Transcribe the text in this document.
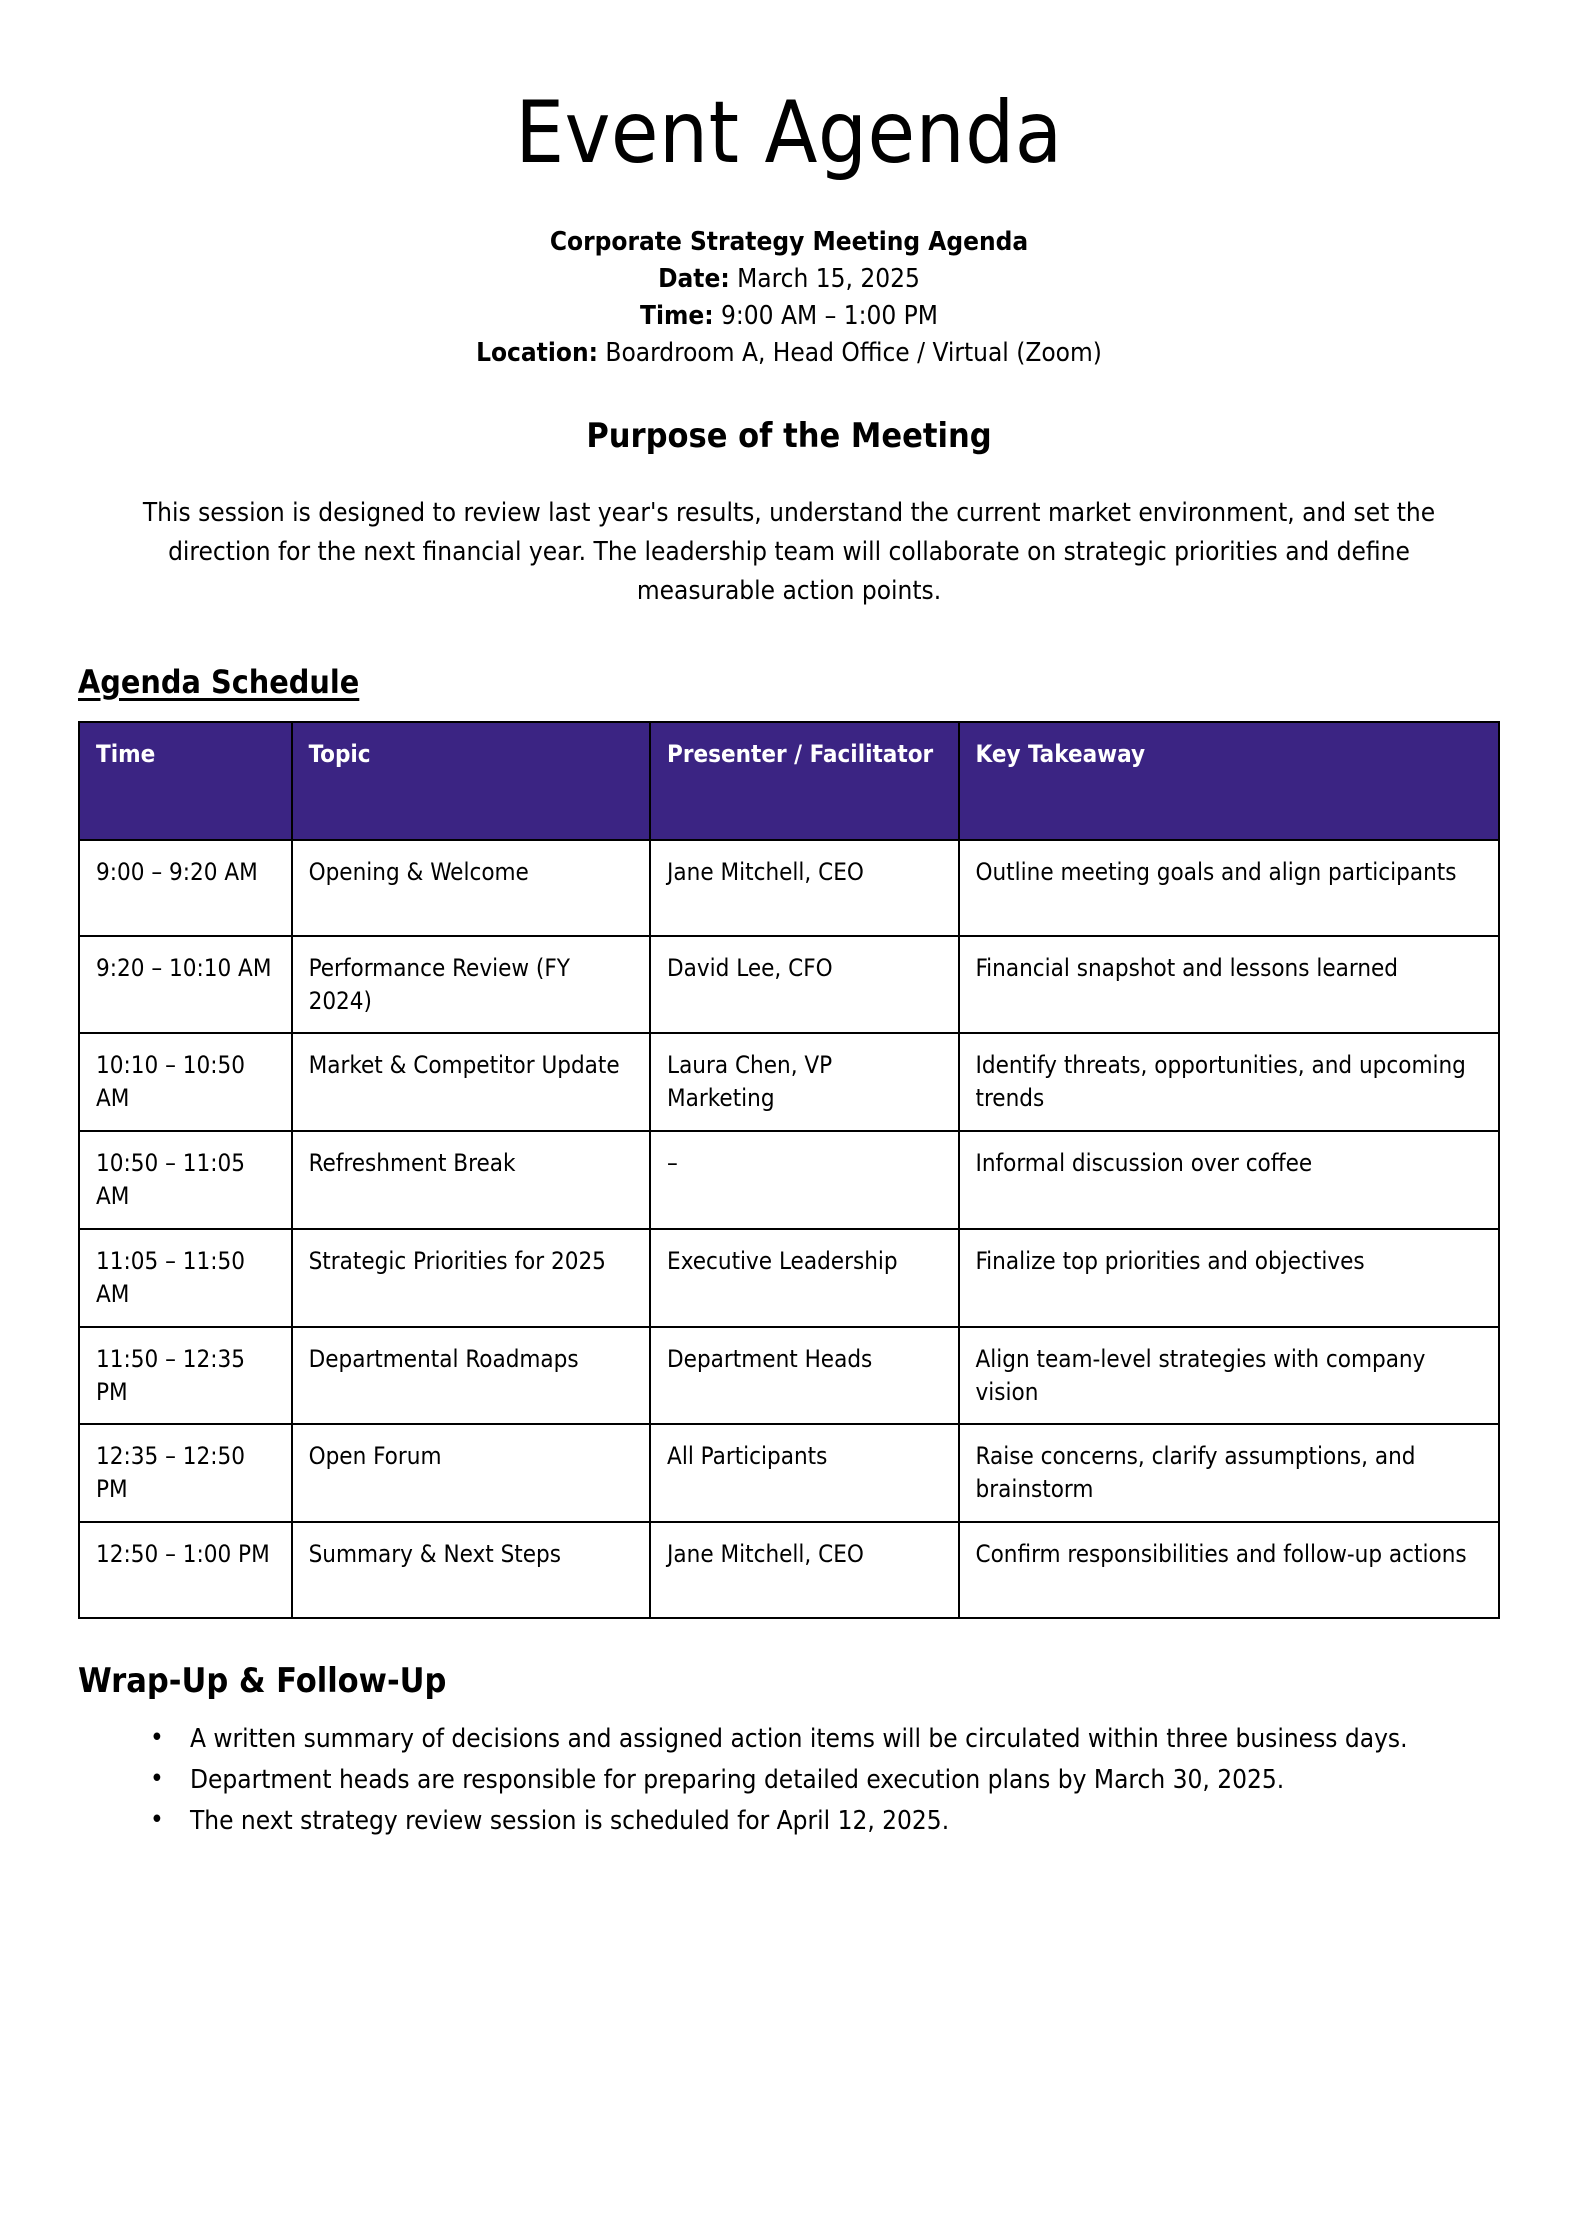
Event Agenda
Corporate Strategy Meeting Agenda
Date: March 15, 2025
Time: 9:00 AM – 1:00 PM
Location: Boardroom A, Head Office / Virtual (Zoom)
Purpose of the Meeting

This session is designed to review last year's results, understand the current market environment, and set the direction for the next financial year. The leadership team will collaborate on strategic priorities and define measurable action points.

Agenda Schedule
Time	Topic	Presenter / Facilitator	Key Takeaway
9:00 – 9:20 AM	Opening & Welcome	Jane Mitchell, CEO	Outline meeting goals and align participants
9:20 – 10:10 AM	Performance Review (FY 2024)	David Lee, CFO	Financial snapshot and lessons learned
10:10 – 10:50 AM	Market & Competitor Update	Laura Chen, VP Marketing	Identify threats, opportunities, and upcoming trends
10:50 – 11:05 AM	Refreshment Break	–	Informal discussion over coffee
11:05 – 11:50 AM	Strategic Priorities for 2025	Executive Leadership	Finalize top priorities and objectives
11:50 – 12:35 PM	Departmental Roadmaps	Department Heads	Align team-level strategies with company vision
12:35 – 12:50 PM	Open Forum	All Participants	Raise concerns, clarify assumptions, and brainstorm
12:50 – 1:00 PM	Summary & Next Steps	Jane Mitchell, CEO	Confirm responsibilities and follow-up actions
Wrap-Up & Follow-Up
• A written summary of decisions and assigned action items will be circulated within three business days.
• Department heads are responsible for preparing detailed execution plans by March 30, 2025.
• The next strategy review session is scheduled for April 12, 2025.
